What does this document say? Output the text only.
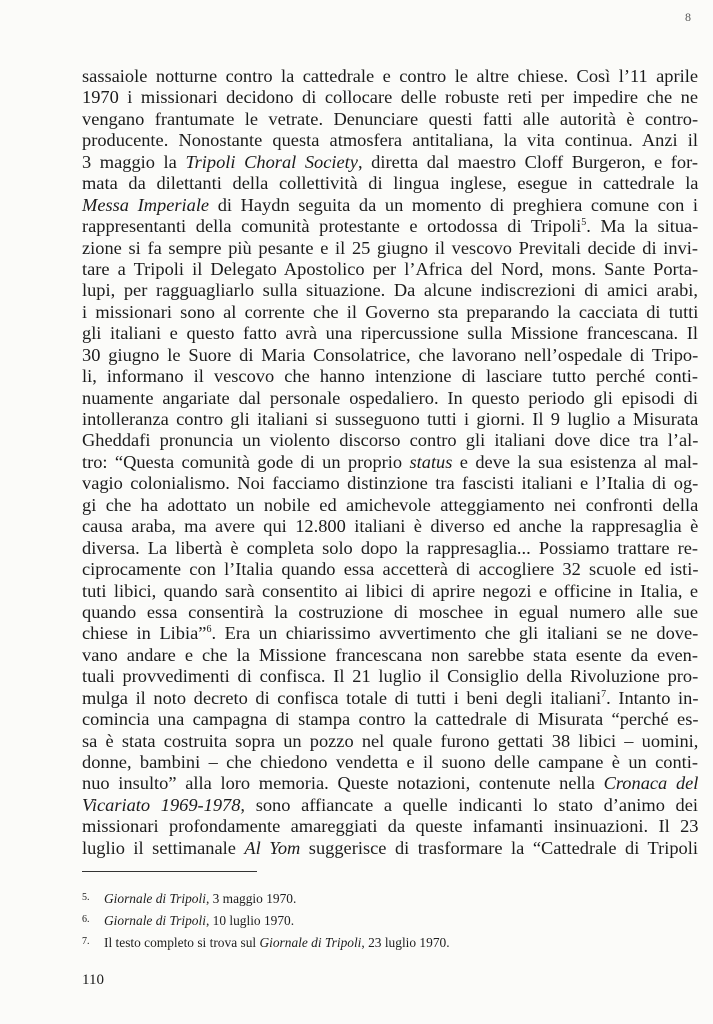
8
sassaiole notturne contro la cattedrale e contro le altre chiese. Così l’11 aprile
1970 i missionari decidono di collocare delle robuste reti per impedire che ne
vengano frantumate le vetrate. Denunciare questi fatti alle autorità è contro-
producente. Nonostante questa atmosfera antitaliana, la vita continua. Anzi il
3 maggio la Tripoli Choral Society, diretta dal maestro Cloff Burgeron, e for-
mata da dilettanti della collettività di lingua inglese, esegue in cattedrale la
Messa Imperiale di Haydn seguita da un momento di preghiera comune con i
rappresentanti della comunità protestante e ortodossa di Tripoli$^5$. Ma la situa-
zione si fa sempre più pesante e il 25 giugno il vescovo Previtali decide di invi-
tare a Tripoli il Delegato Apostolico per l’Africa del Nord, mons. Sante Porta-
lupi, per ragguagliarlo sulla situazione. Da alcune indiscrezioni di amici arabi,
i missionari sono al corrente che il Governo sta preparando la cacciata di tutti
gli italiani e questo fatto avrà una ripercussione sulla Missione francescana. Il
30 giugno le Suore di Maria Consolatrice, che lavorano nell’ospedale di Tripo-
li, informano il vescovo che hanno intenzione di lasciare tutto perché conti-
nuamente angariate dal personale ospedaliero. In questo periodo gli episodi di
intolleranza contro gli italiani si susseguono tutti i giorni. Il 9 luglio a Misurata
Gheddafi pronuncia un violento discorso contro gli italiani dove dice tra l’al-
tro: “Questa comunità gode di un proprio status e deve la sua esistenza al mal-
vagio colonialismo. Noi facciamo distinzione tra fascisti italiani e l’Italia di og-
gi che ha adottato un nobile ed amichevole atteggiamento nei confronti della
causa araba, ma avere qui 12.800 italiani è diverso ed anche la rappresaglia è
diversa. La libertà è completa solo dopo la rappresaglia... Possiamo trattare re-
ciprocamente con l’Italia quando essa accetterà di accogliere 32 scuole ed isti-
tuti libici, quando sarà consentito ai libici di aprire negozi e officine in Italia, e
quando essa consentirà la costruzione di moschee in egual numero alle sue
chiese in Libia”$^6$. Era un chiarissimo avvertimento che gli italiani se ne dove-
vano andare e che la Missione francescana non sarebbe stata esente da even-
tuali provvedimenti di confisca. Il 21 luglio il Consiglio della Rivoluzione pro-
mulga il noto decreto di confisca totale di tutti i beni degli italiani$^7$. Intanto in-
comincia una campagna di stampa contro la cattedrale di Misurata “perché es-
sa è stata costruita sopra un pozzo nel quale furono gettati 38 libici – uomini,
donne, bambini – che chiedono vendetta e il suono delle campane è un conti-
nuo insulto” alla loro memoria. Queste notazioni, contenute nella Cronaca del
Vicariato 1969-1978, sono affiancate a quelle indicanti lo stato d’animo dei
missionari profondamente amareggiati da queste infamanti insinuazioni. Il 23
luglio il settimanale Al Yom suggerisce di trasformare la “Cattedrale di Tripoli
5. Giornale di Tripoli, 3 maggio 1970.
6. Giornale di Tripoli, 10 luglio 1970.
7. Il testo completo si trova sul Giornale di Tripoli, 23 luglio 1970.
110
